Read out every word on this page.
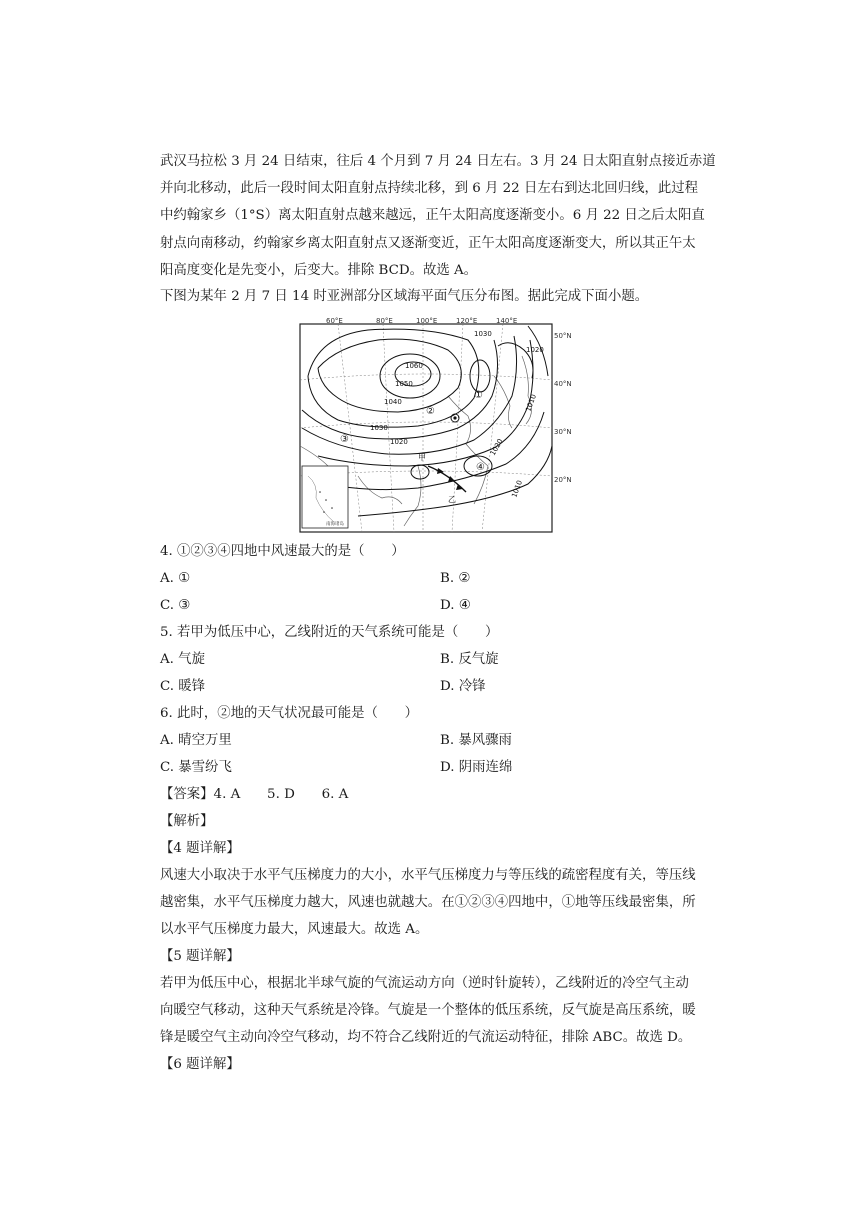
武汉马拉松 3 月 24 日结束，往后 4 个月到 7 月 24 日左右。3 月 24 日太阳直射点接近赤道
并向北移动，此后一段时间太阳直射点持续北移，到 6 月 22 日左右到达北回归线，此过程
中约翰家乡（1°S）离太阳直射点越来越远，正午太阳高度逐渐变小。6 月 22 日之后太阳直
射点向南移动，约翰家乡离太阳直射点又逐渐变近，正午太阳高度逐渐变大，所以其正午太
阳高度变化是先变小，后变大。排除 BCD。故选 A。

下图为某年 2 月 7 日 14 时亚洲部分区域海平面气压分布图。据此完成下面小题。

60°E	80°E	100°E	120°E	140°E
50°N
40°N
30°N
20°N
1060
1050
1040
1030
1020
1010
1030
1020
1020
1010
①
②
③
④
甲
乙
南海诸岛

4. ①②③④四地中风速最大的是（　　）

A. ①	B. ②

C. ③	D. ④

5. 若甲为低压中心，乙线附近的天气系统可能是（　　）

A. 气旋	B. 反气旋

C. 暖锋	D. 冷锋

6. 此时，②地的天气状况最可能是（　　）

A. 晴空万里	B. 暴风骤雨

C. 暴雪纷飞	D. 阴雨连绵

【答案】4. A　　5. D　　6. A

【解析】

【4 题详解】

风速大小取决于水平气压梯度力的大小，水平气压梯度力与等压线的疏密程度有关，等压线
越密集，水平气压梯度力越大，风速也就越大。在①②③④四地中，①地等压线最密集，所
以水平气压梯度力最大，风速最大。故选 A。

【5 题详解】

若甲为低压中心，根据北半球气旋的气流运动方向（逆时针旋转），乙线附近的冷空气主动
向暖空气移动，这种天气系统是冷锋。气旋是一个整体的低压系统，反气旋是高压系统，暖
锋是暖空气主动向冷空气移动，均不符合乙线附近的气流运动特征，排除 ABC。故选 D。

【6 题详解】
